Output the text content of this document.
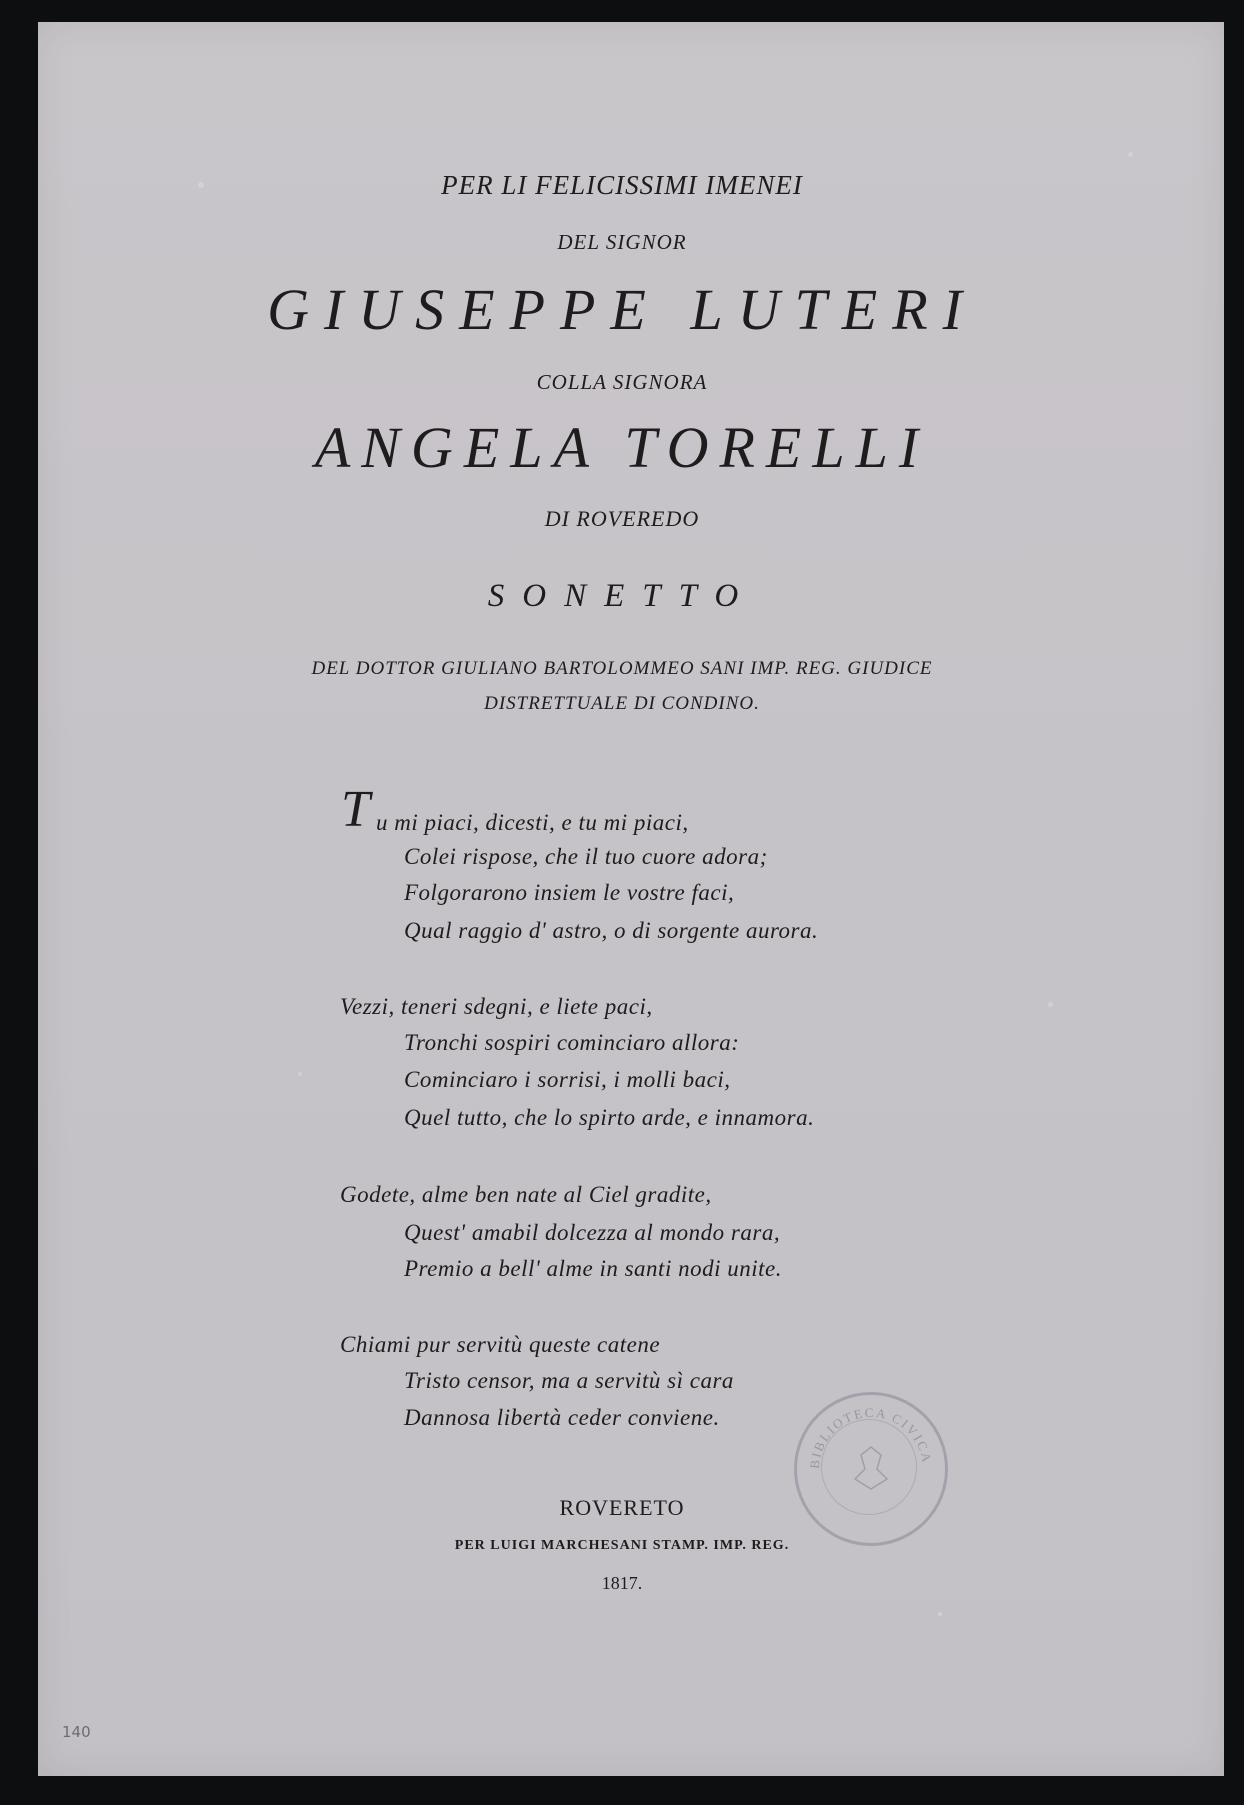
PER LI FELICISSIMI IMENEI
DEL SIGNOR
GIUSEPPE LUTERI
COLLA SIGNORA
ANGELA TORELLI
DI ROVEREDO
SONETTO
DEL DOTTOR GIULIANO BARTOLOMMEO SANI IMP. REG. GIUDICE
DISTRETTUALE DI CONDINO.
T u mi piaci, dicesti, e tu mi piaci,
Colei rispose, che il tuo cuore adora;
Folgorarono insiem le vostre faci,
Qual raggio d' astro, o di sorgente aurora.
Vezzi, teneri sdegni, e liete paci,
Tronchi sospiri cominciaro allora:
Cominciaro i sorrisi, i molli baci,
Quel tutto, che lo spirto arde, e innamora.
Godete, alme ben nate al Ciel gradite,
Quest' amabil dolcezza al mondo rara,
Premio a bell' alme in santi nodi unite.
Chiami pur servitù queste catene
Tristo censor, ma a servitù sì cara
Dannosa libertà ceder conviene.
BIBLIOTECA CIVICA
ROVERETO
PER LUIGI MARCHESANI STAMP. IMP. REG.
1817.
140
